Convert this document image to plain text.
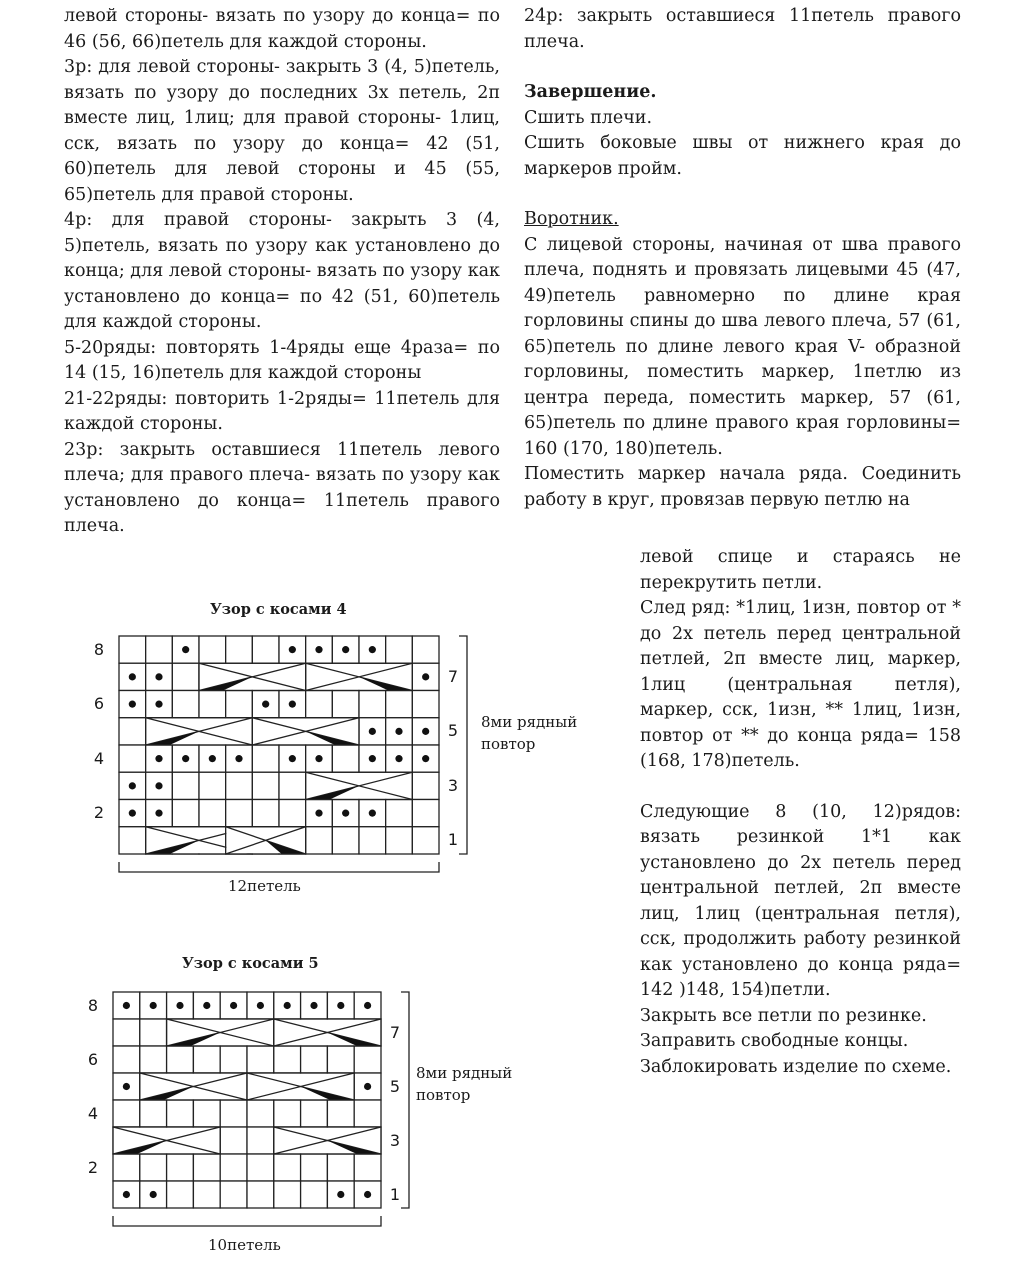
левой стороны- вязать по узору до конца= по 46 (56, 66)петель для каждой стороны.

3р: для левой стороны- закрыть 3 (4, 5)петель, вязать по узору до последних 3х петель, 2п вместе лиц, 1лиц; для правой стороны- 1лиц, сск, вязать по узору до конца= 42 (51, 60)петель для левой стороны и 45 (55, 65)петель для правой стороны.

4р: для правой стороны- закрыть 3 (4, 5)петель, вязать по узору как установлено до конца; для левой стороны- вязать по узору как установлено до конца= по 42 (51, 60)петель для каждой стороны.

5-20ряды: повторять 1-4ряды еще 4раза= по 14 (15, 16)петель для каждой стороны

21-22ряды: повторить 1-2ряды= 11петель для каждой стороны.

23р: закрыть оставшиеся 11петель левого плеча; для правого плеча- вязать по узору как установлено до конца= 11петель правого плеча.

24р: закрыть оставшиеся 11петель правого плеча.

Завершение.

Сшить плечи.

Сшить боковые швы от нижнего края до маркеров пройм.

Воротник.

С лицевой стороны, начиная от шва правого плеча, поднять и провязать лицевыми 45 (47, 49)петель равномерно по длине края горловины спины до шва левого плеча, 57 (61, 65)петель по длине левого края V- образной горловины, поместить маркер, 1петлю из центра переда, поместить маркер, 57 (61, 65)петель по длине правого края горловины= 160 (170, 180)петель.

Поместить маркер начала ряда. Соединить работу в круг, провязав первую петлю на

левой спице и стараясь не перекрутить петли.

След ряд: *1лиц, 1изн, повтор от * до 2х петель перед центральной петлей, 2п вместе лиц, маркер, 1лиц (центральная петля), маркер, сск, 1изн, ** 1лиц, 1изн, повтор от ** до конца ряда= 158 (168, 178)петель.

Следующие 8 (10, 12)рядов: вязать резинкой 1*1 как установлено до 2х петель перед центральной петлей, 2п вместе лиц, 1лиц (центральная петля), сск, продолжить работу резинкой как установлено до конца ряда= 142 )148, 154)петли.

Закрыть все петли по резинке.

Заправить свободные концы.

Заблокировать изделие по схеме.

Узор с косами 4
8ми рядный повтор
12петель
8
6
4
2
7
5
3
1
Узор с косами 5
8ми рядный повтор
10петель
8
6
4
2
7
5
3
1
